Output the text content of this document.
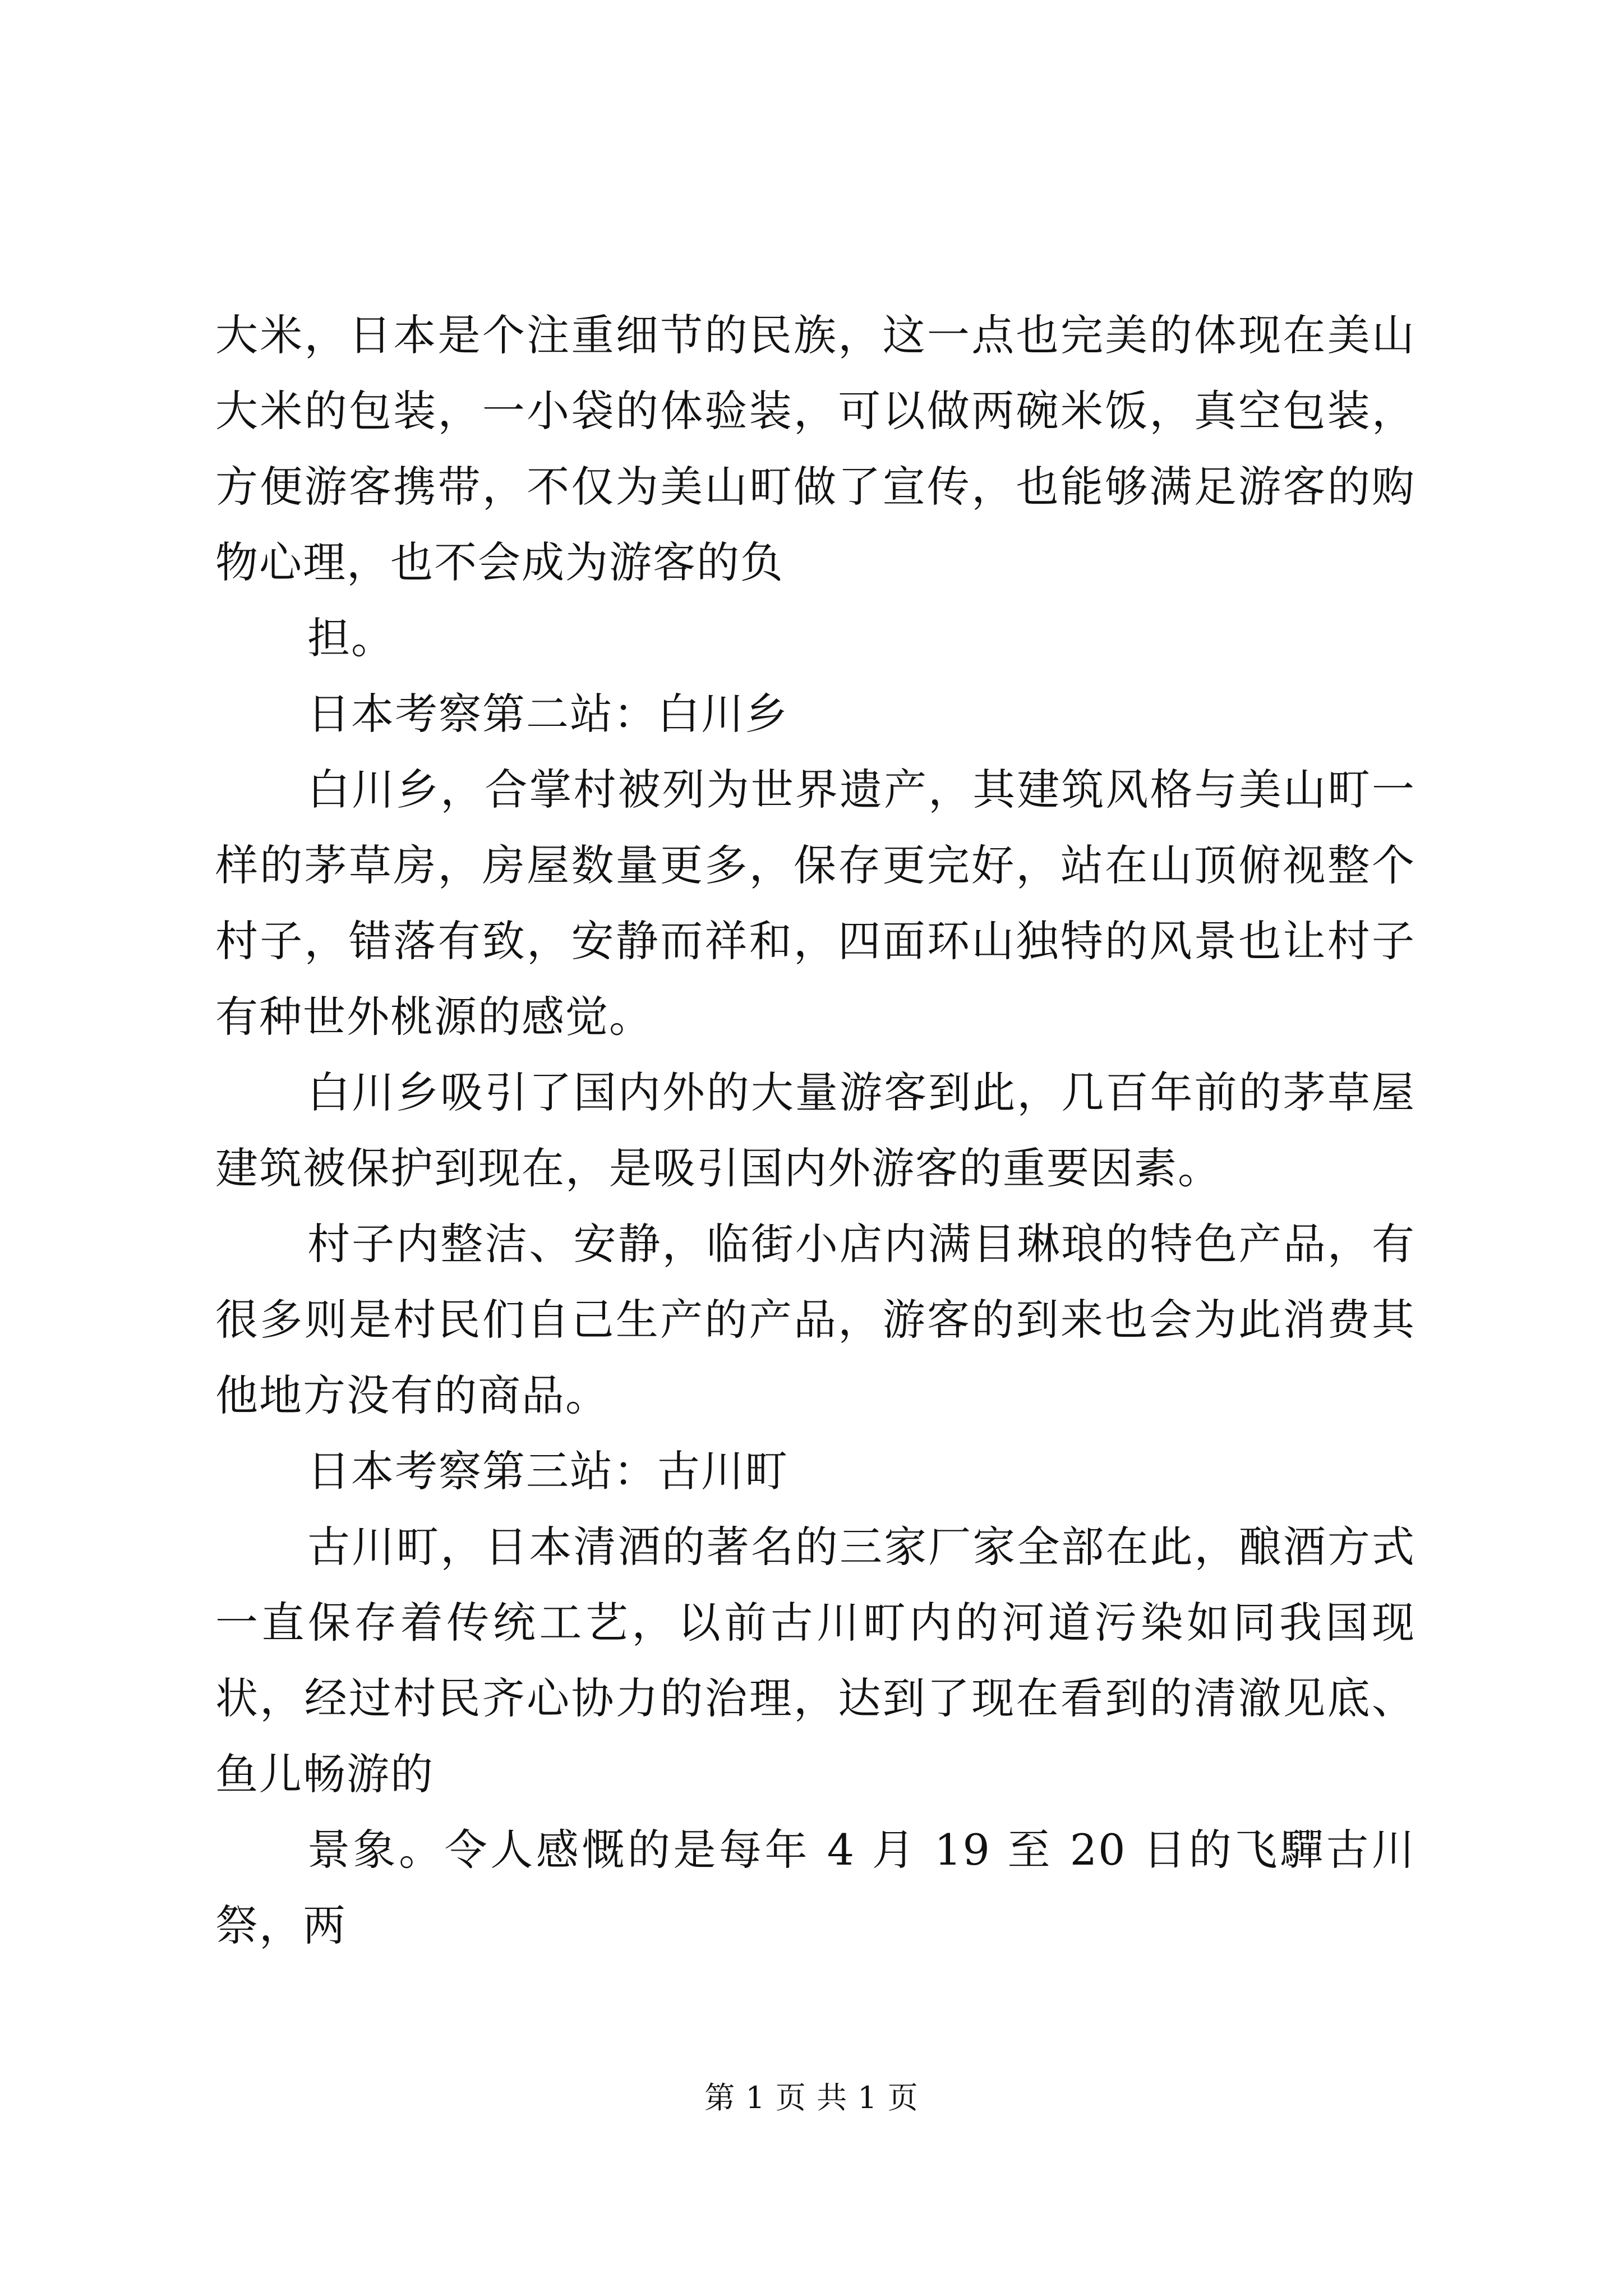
大米，日本是个注重细节的民族，这一点也完美的体现在美山大米的包装，一小袋的体验装，可以做两碗米饭，真空包装，方便游客携带，不仅为美山町做了宣传，也能够满足游客的购物心理，也不会成为游客的负

担。

日本考察第二站：白川乡

白川乡，合掌村被列为世界遗产，其建筑风格与美山町一样的茅草房，房屋数量更多，保存更完好，站在山顶俯视整个村子，错落有致，安静而祥和，四面环山独特的风景也让村子有种世外桃源的感觉。

白川乡吸引了国内外的大量游客到此，几百年前的茅草屋建筑被保护到现在，是吸引国内外游客的重要因素。

村子内整洁、安静，临街小店内满目琳琅的特色产品，有很多则是村民们自己生产的产品，游客的到来也会为此消费其他地方没有的商品。

日本考察第三站：古川町

古川町，日本清酒的著名的三家厂家全部在此，酿酒方式一直保存着传统工艺，以前古川町内的河道污染如同我国现状，经过村民齐心协力的治理，达到了现在看到的清澈见底、鱼儿畅游的

景象。令人感慨的是每年 4 月 19 至 20 日的飞驒古川祭，两

第 1 页 共 1 页
